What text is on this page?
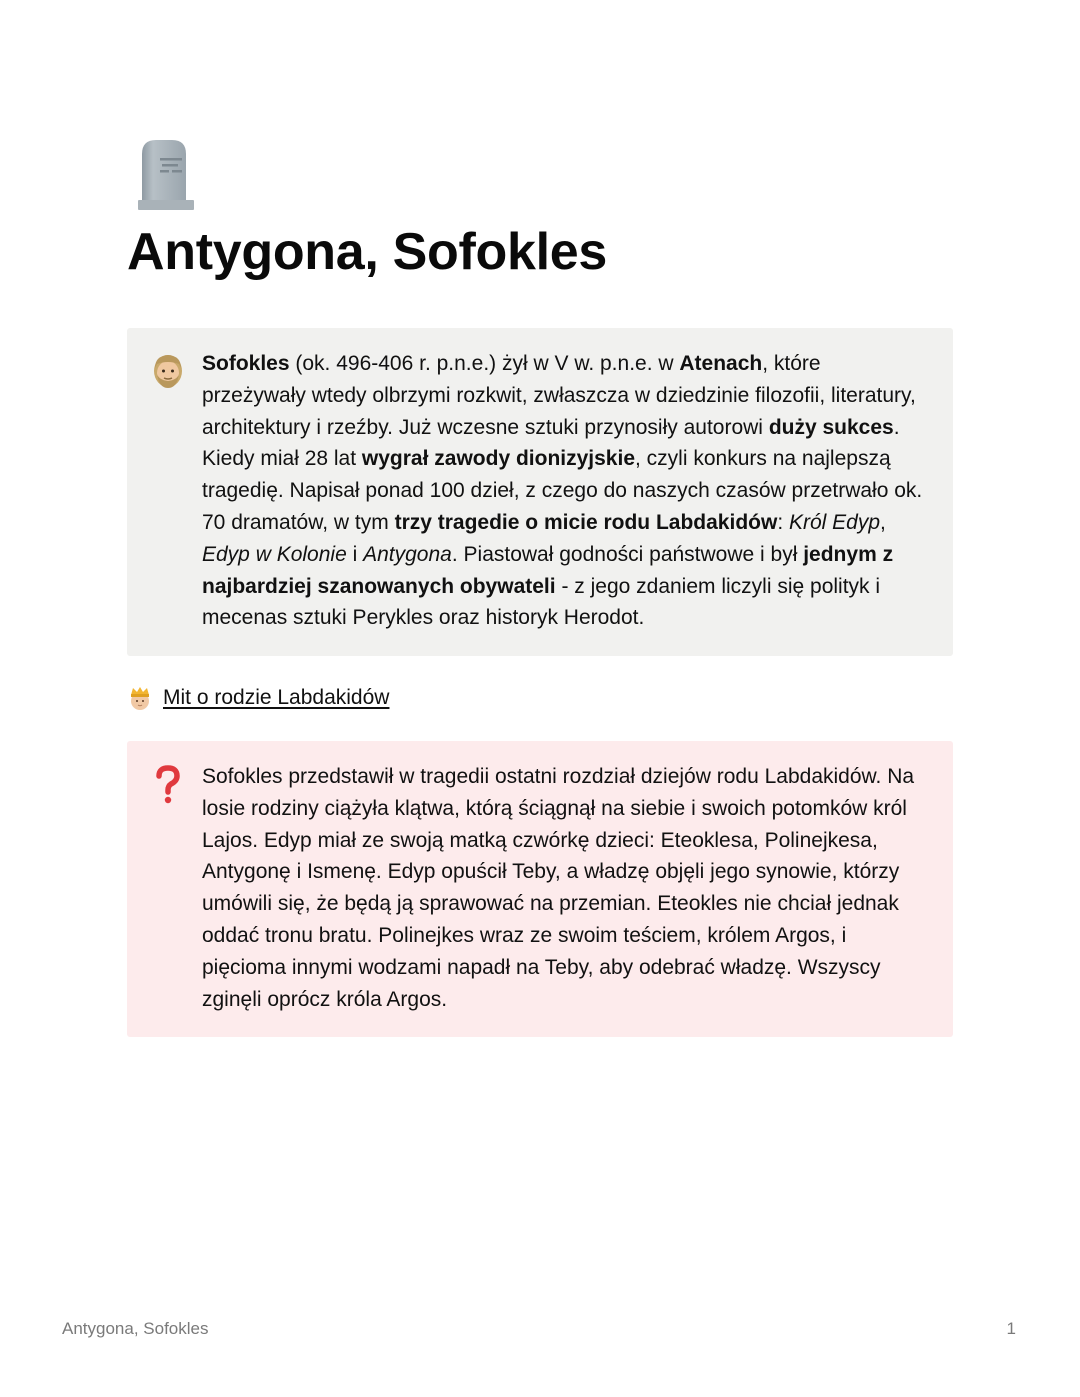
Antygona, Sofokles

Sofokles (ok. 496-406 r. p.n.e.) żył w V w. p.n.e. w Atenach, które przeżywały wtedy olbrzymi rozkwit, zwłaszcza w dziedzinie filozofii, literatury, architektury i rzeźby. Już wczesne sztuki przynosiły autorowi duży sukces. Kiedy miał 28 lat wygrał zawody dionizyjskie, czyli konkurs na najlepszą tragedię. Napisał ponad 100 dzieł, z czego do naszych czasów przetrwało ok. 70 dramatów, w tym trzy tragedie o micie rodu Labdakidów: Król Edyp, Edyp w Kolonie i Antygona. Piastował godności państwowe i był jednym z najbardziej szanowanych obywateli - z jego zdaniem liczyli się polityk i mecenas sztuki Perykles oraz historyk Herodot.

Mit o rodzie Labdakidów

Sofokles przedstawił w tragedii ostatni rozdział dziejów rodu Labdakidów. Na losie rodziny ciążyła klątwa, którą ściągnął na siebie i swoich potomków król Lajos. Edyp miał ze swoją matką czwórkę dzieci: Eteoklesa, Polinejkesa, Antygonę i Ismenę. Edyp opuścił Teby, a władzę objęli jego synowie, którzy umówili się, że będą ją sprawować na przemian. Eteokles nie chciał jednak oddać tronu bratu. Polinejkes wraz ze swoim teściem, królem Argos, i pięcioma innymi wodzami napadł na Teby, aby odebrać władzę. Wszyscy zginęli oprócz króla Argos.

Antygona, Sofokles	1
